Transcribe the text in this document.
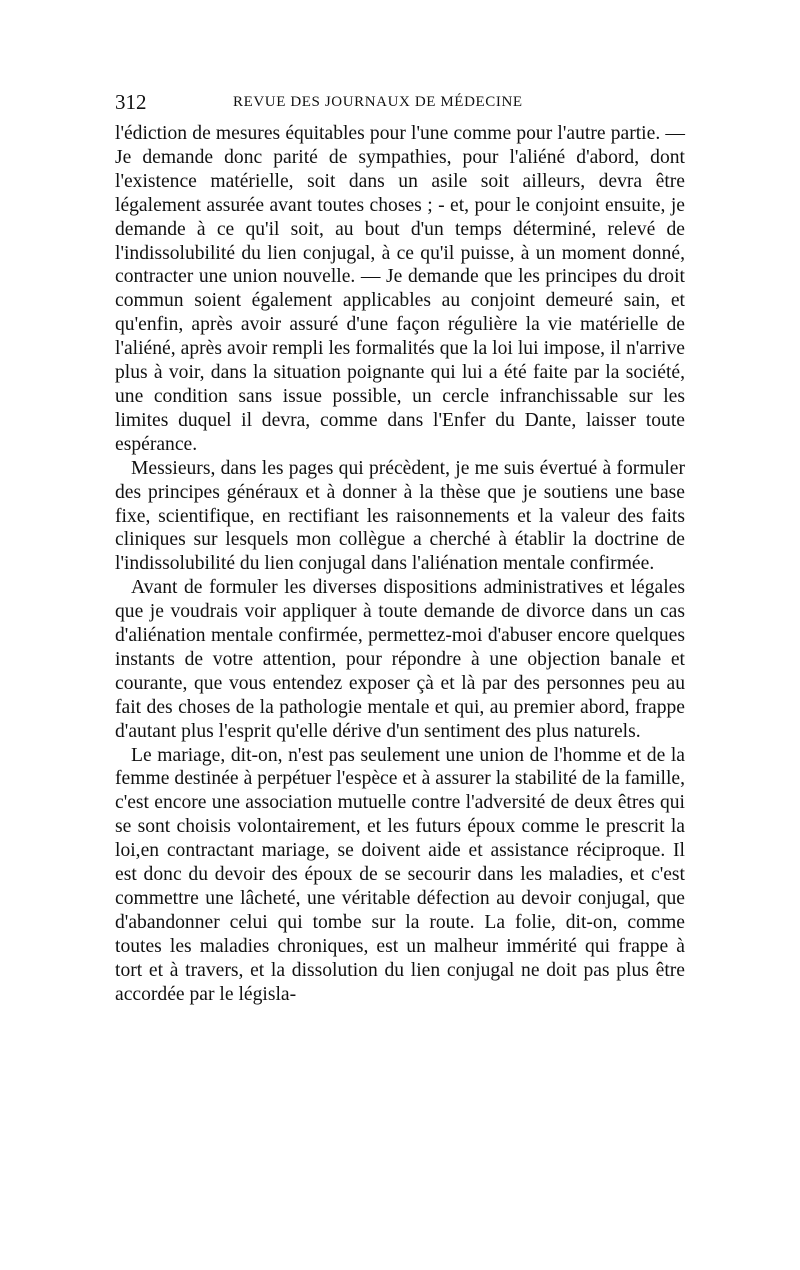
312	REVUE DES JOURNAUX DE MÉDECINE

l'édiction de mesures équitables pour l'une comme pour l'autre partie. — Je demande donc parité de sympathies, pour l'aliéné d'abord, dont l'existence matérielle, soit dans un asile soit ailleurs, devra être légalement assurée avant toutes choses ; - et, pour le conjoint ensuite, je demande à ce qu'il soit, au bout d'un temps déterminé, relevé de l'indissolubilité du lien conjugal, à ce qu'il puisse, à un moment donné, contracter une union nouvelle. — Je demande que les principes du droit commun soient également applicables au conjoint demeuré sain, et qu'enfin, après avoir assuré d'une façon régulière la vie matérielle de l'aliéné, après avoir rempli les formalités que la loi lui impose, il n'arrive plus à voir, dans la situation poignante qui lui a été faite par la société, une condition sans issue possible, un cercle infranchissable sur les limites duquel il devra, comme dans l'Enfer du Dante, laisser toute espérance.

Messieurs, dans les pages qui précèdent, je me suis évertué à formuler des principes généraux et à donner à la thèse que je soutiens une base fixe, scientifique, en rectifiant les raisonnements et la valeur des faits cliniques sur lesquels mon collègue a cherché à établir la doctrine de l'indissolubilité du lien conjugal dans l'aliénation mentale confirmée.

Avant de formuler les diverses dispositions administratives et légales que je voudrais voir appliquer à toute demande de divorce dans un cas d'aliénation mentale confirmée, permettez-moi d'abuser encore quelques instants de votre attention, pour répondre à une objection banale et courante, que vous entendez exposer çà et là par des personnes peu au fait des choses de la pathologie mentale et qui, au premier abord, frappe d'autant plus l'esprit qu'elle dérive d'un sentiment des plus naturels.

Le mariage, dit-on, n'est pas seulement une union de l'homme et de la femme destinée à perpétuer l'espèce et à assurer la stabilité de la famille, c'est encore une association mutuelle contre l'adversité de deux êtres qui se sont choisis volontairement, et les futurs époux comme le prescrit la loi,en contractant mariage, se doivent aide et assistance réciproque. Il est donc du devoir des époux de se secourir dans les maladies, et c'est commettre une lâcheté, une véritable défection au devoir conjugal, que d'abandonner celui qui tombe sur la route. La folie, dit-on, comme toutes les maladies chroniques, est un malheur immérité qui frappe à tort et à travers, et la dissolution du lien conjugal ne doit pas plus être accordée par le législa-
